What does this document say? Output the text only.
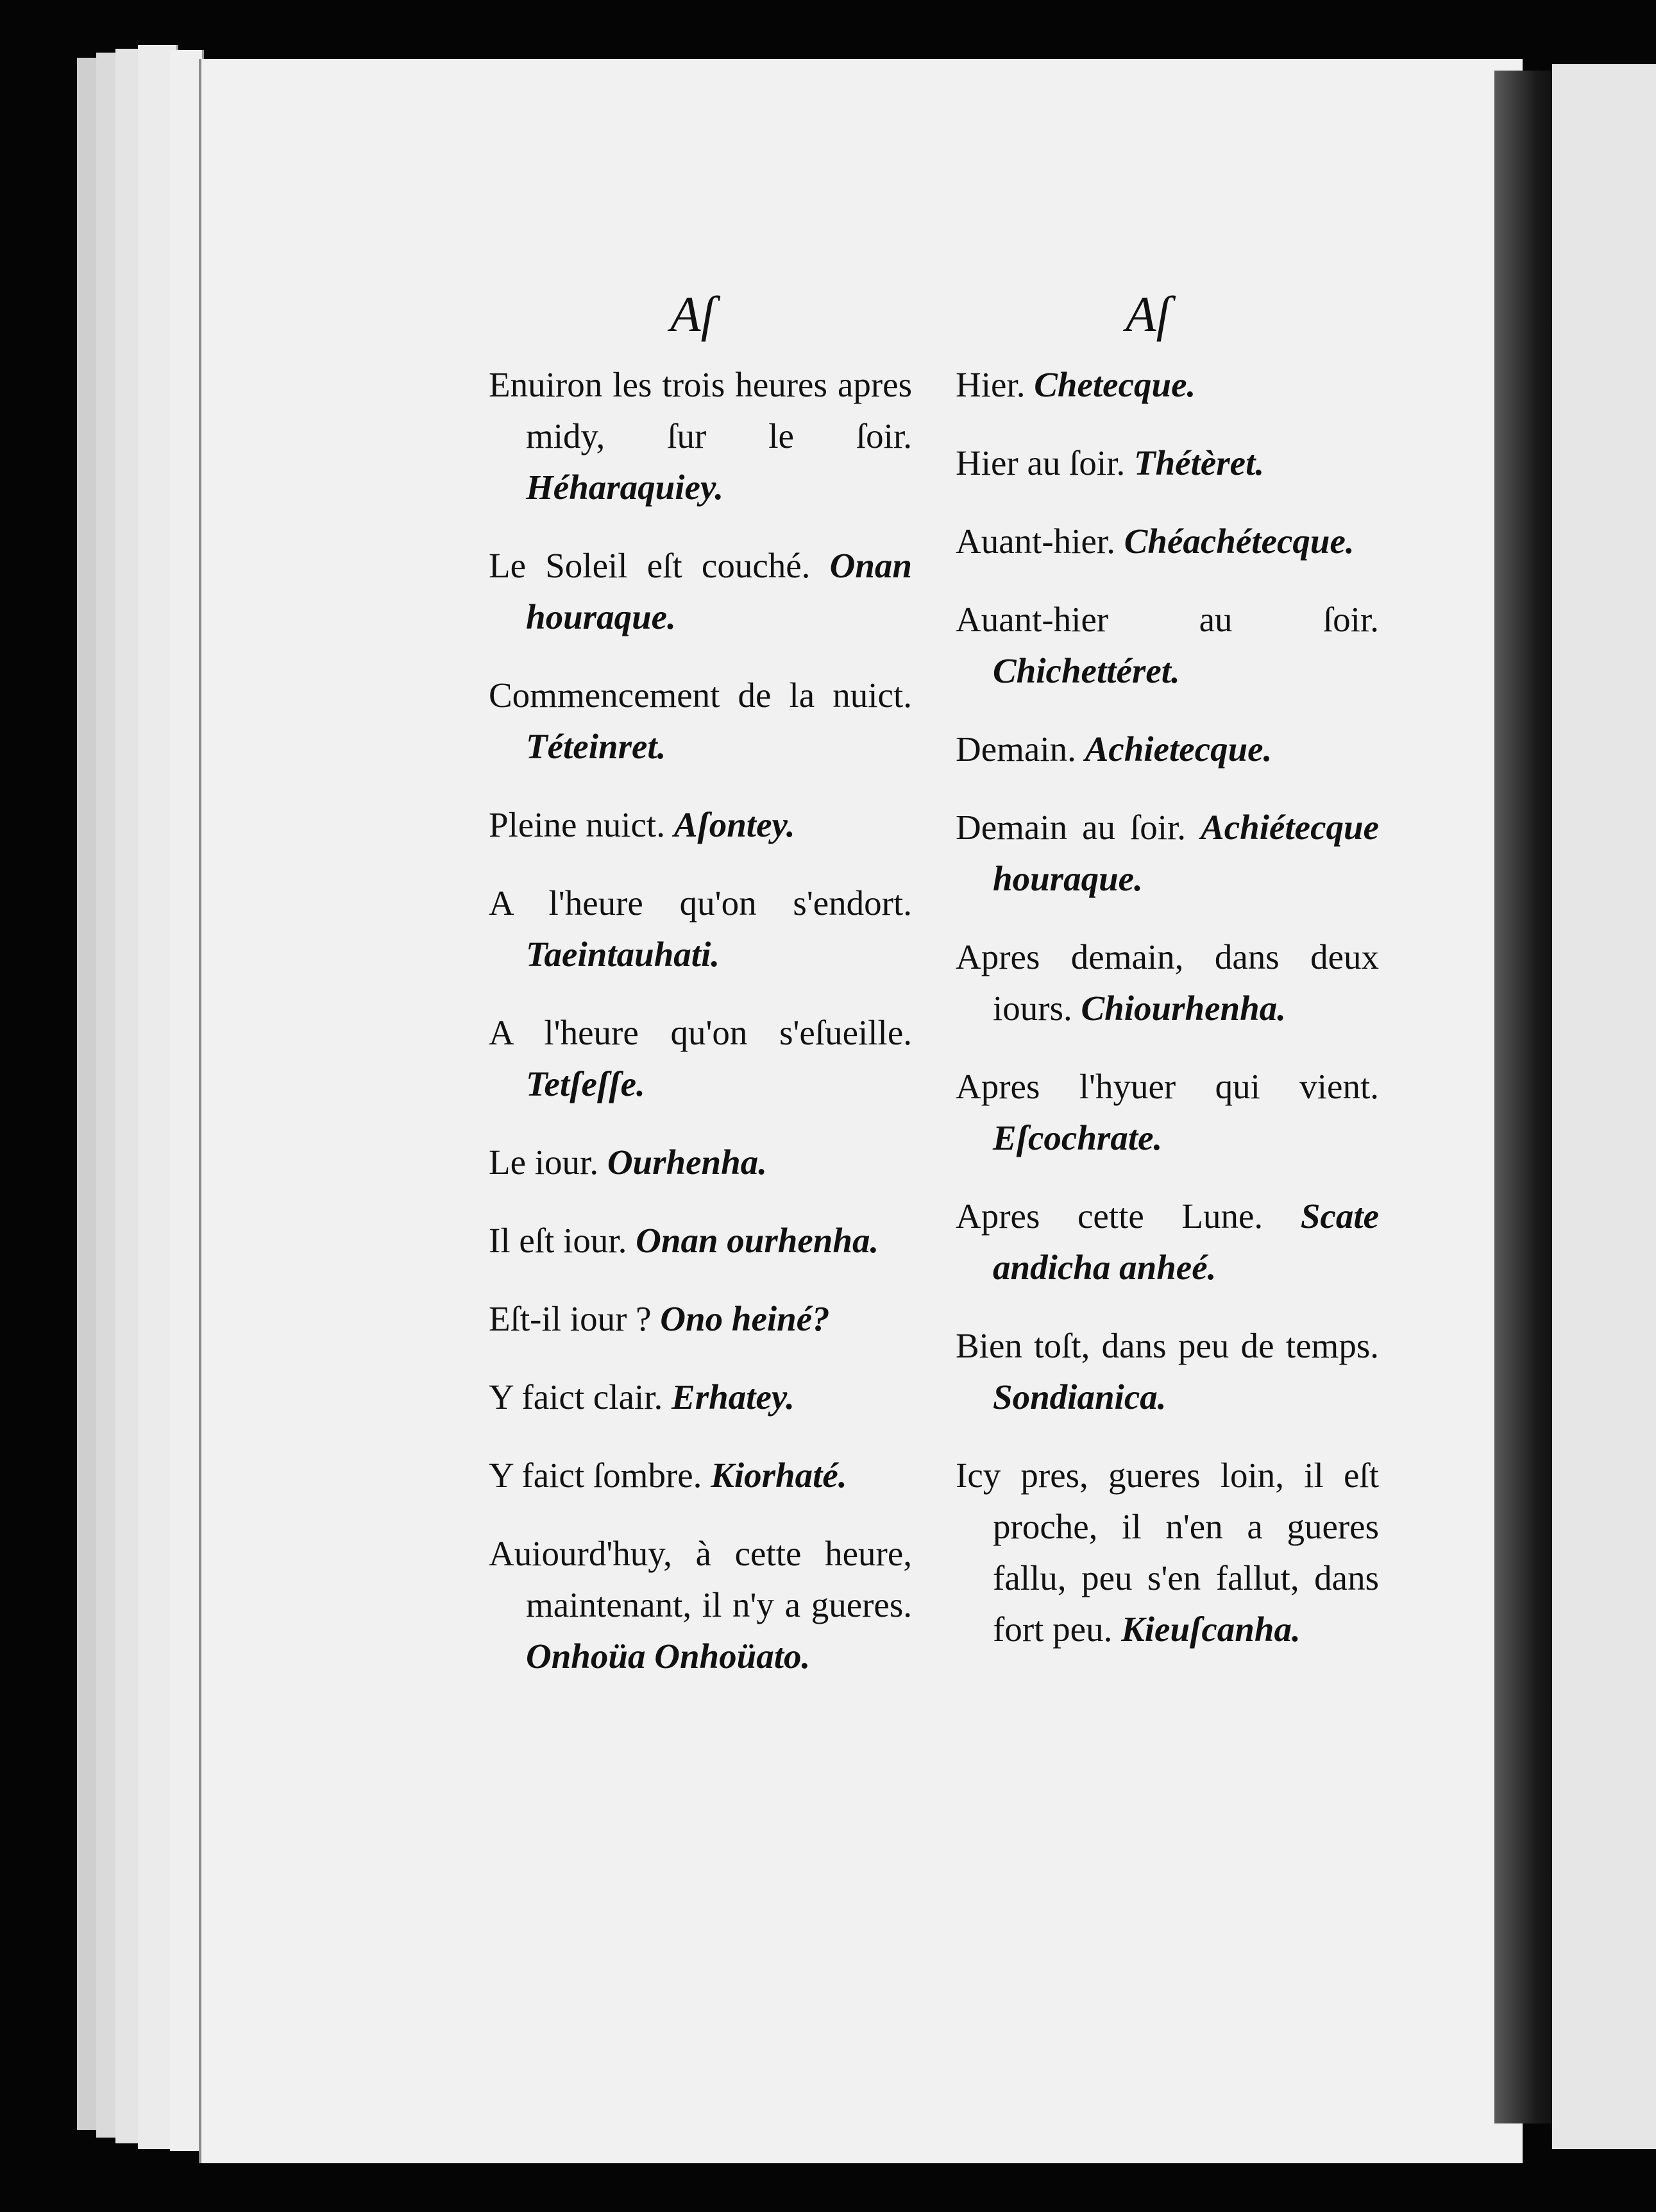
Aſ	Aſ

Enuiron les trois heures apres midy, ſur le ſoir. Héharaquiey.

Le Soleil eſt couché. Onan houraque.

Commencement de la nuict. Téteinret.

Pleine nuict. Aſontey.

A l'heure qu'on s'endort. Taeintauhati.

A l'heure qu'on s'eſueille. Tetſeſſe.

Le iour. Ourhenha.

Il eſt iour. Onan ourhenha.

Eſt-il iour ? Ono heiné?

Y faict clair. Erhatey.

Y faict ſombre. Kiorhaté.

Auiourd'huy, à cette heure, maintenant, il n'y a gueres. Onhoüa Onhoüato.

Hier. Chetecque.

Hier au ſoir. Thétèret.

Auant-hier. Chéachétecque.

Auant-hier au ſoir. Chichettéret.

Demain. Achietecque.

Demain au ſoir. Achiétecque houraque.

Apres demain, dans deux iours. Chiourhenha.

Apres l'hyuer qui vient. Eſcochrate.

Apres cette Lune. Scate andicha anheé.

Bien toſt, dans peu de temps. Sondianica.

Icy pres, gueres loin, il eſt proche, il n'en a gueres fallu, peu s'en fallut, dans fort peu. Kieuſcanha.
